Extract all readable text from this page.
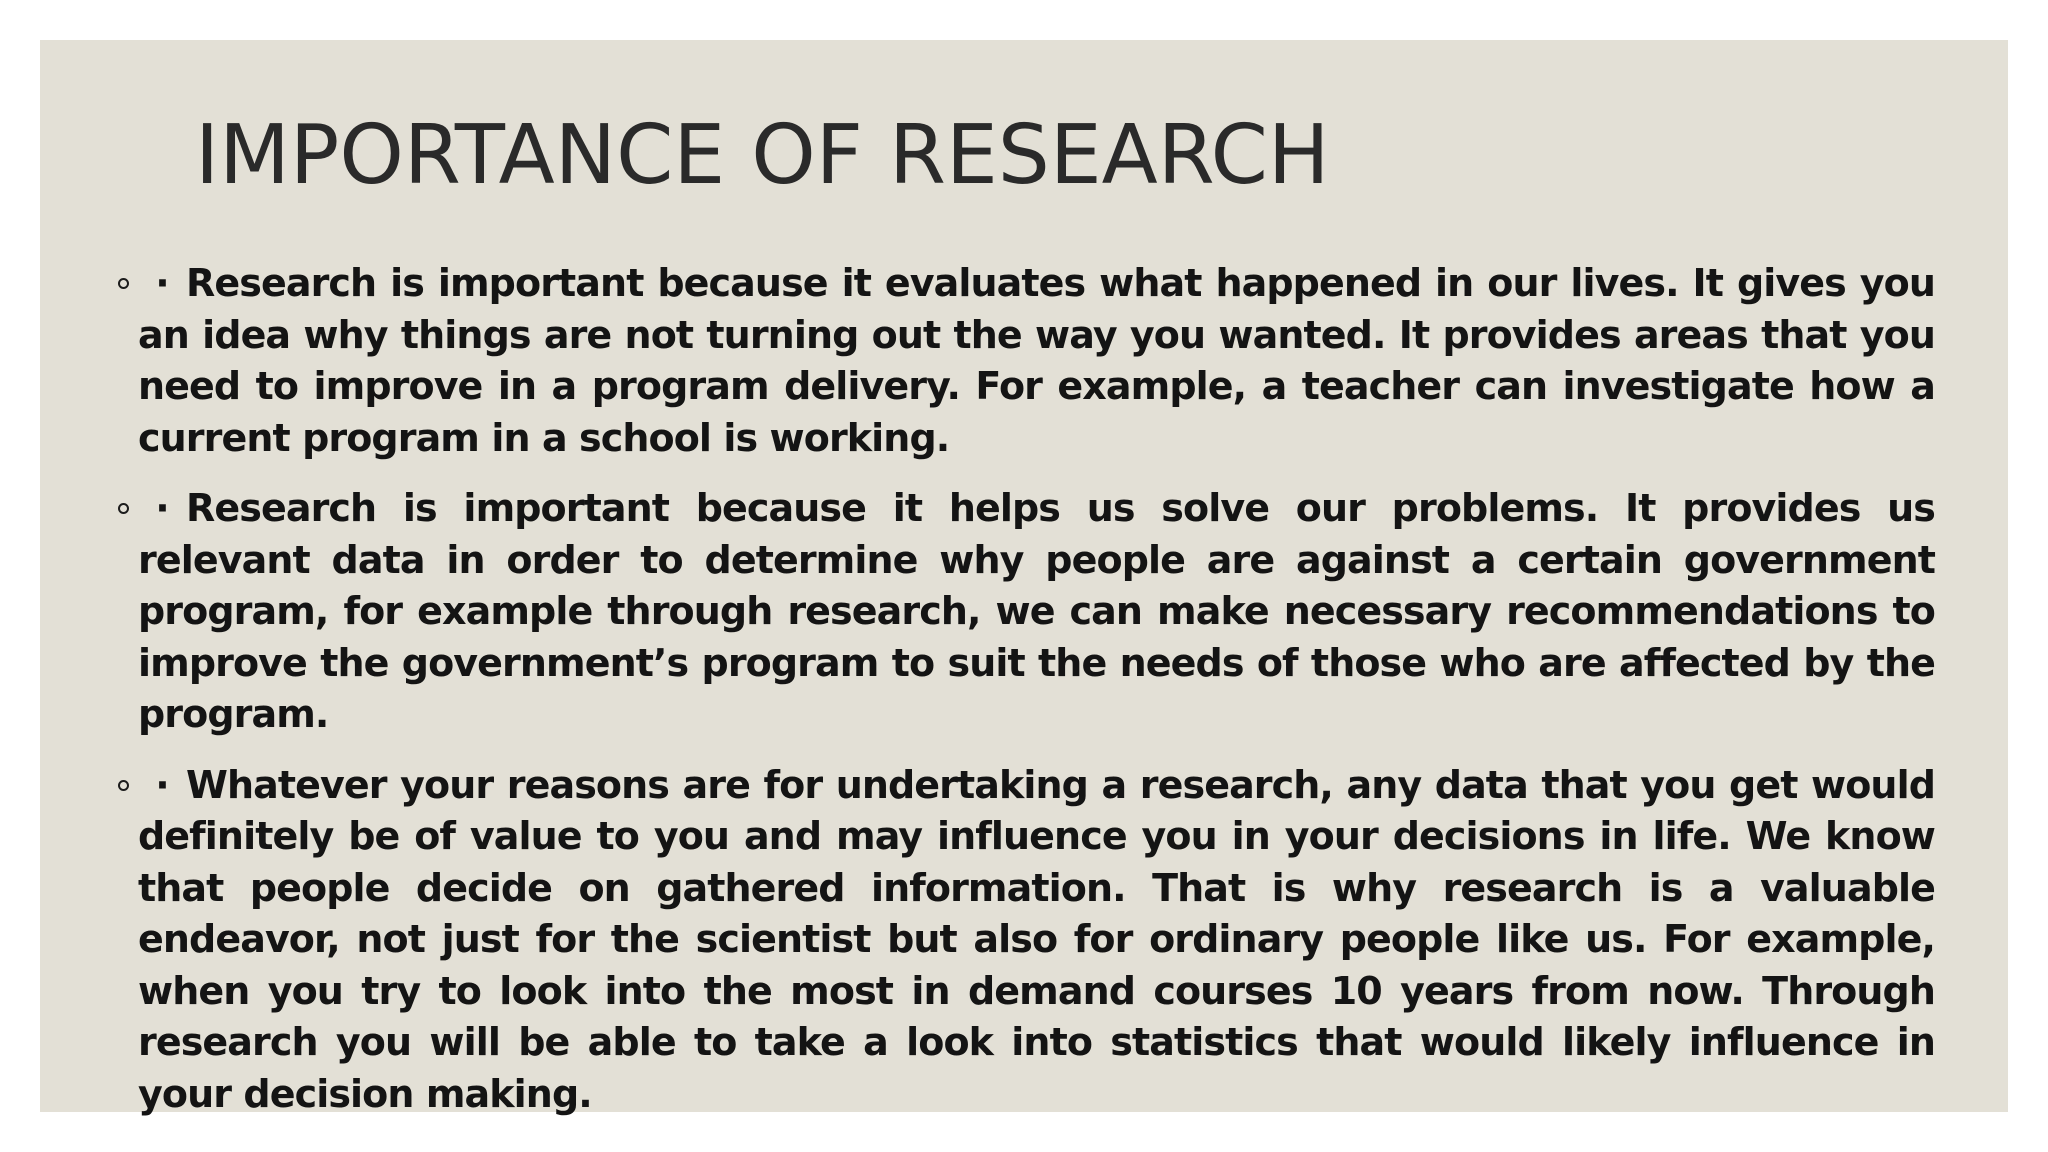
IMPORTANCE OF RESEARCH

· Research is important because it evaluates what happened in our lives. It gives you an idea why things are not turning out the way you wanted. It provides areas that you need to improve in a program delivery. For example, a teacher can investigate how a current program in a school is working.

· Research is important because it helps us solve our problems. It provides us relevant data in order to determine why people are against a certain government program, for example through research, we can make necessary recommendations to improve the government’s program to suit the needs of those who are affected by the program.

· Whatever your reasons are for undertaking a research, any data that you get would definitely be of value to you and may influence you in your decisions in life. We know that people decide on gathered information. That is why research is a valuable endeavor, not just for the scientist but also for ordinary people like us. For example, when you try to look into the most in demand courses 10 years from now. Through research you will be able to take a look into statistics that would likely influence in your decision making.
